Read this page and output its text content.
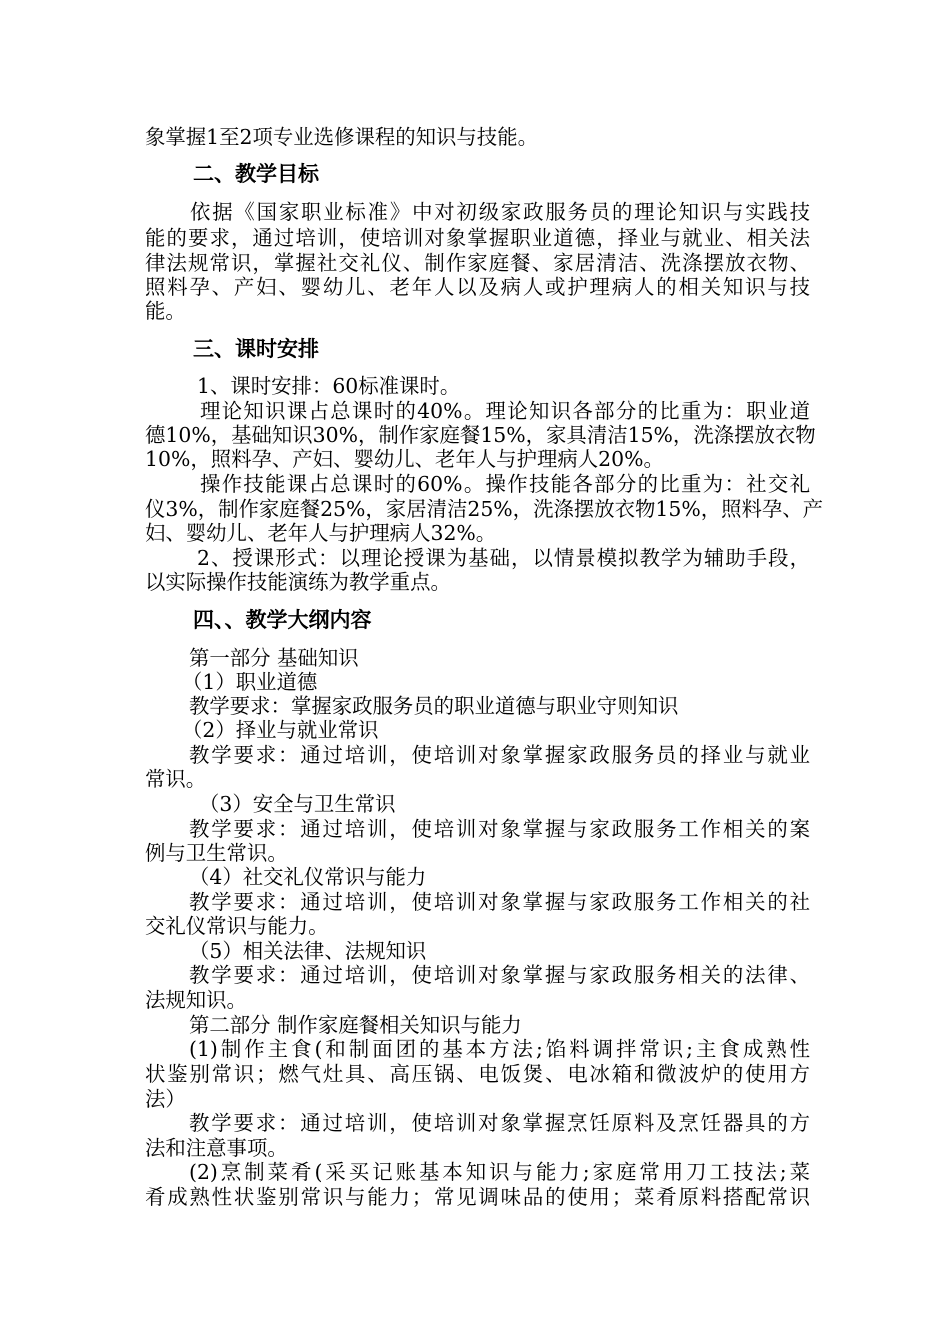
象掌握1至2项专业选修课程的知识与技能。
二、教学目标
依据《国家职业标准》中对初级家政服务员的理论知识与实践技
能的要求，通过培训，使培训对象掌握职业道德，择业与就业、相关法
律法规常识，掌握社交礼仪、制作家庭餐、家居清洁、洗涤摆放衣物、
照料孕、产妇、婴幼儿、老年人以及病人或护理病人的相关知识与技
能。
三、课时安排
1、课时安排：60标准课时。
理论知识课占总课时的40%。理论知识各部分的比重为：职业道
德10%，基础知识30%，制作家庭餐15%，家具清洁15%，洗涤摆放衣物
10%，照料孕、产妇、婴幼儿、老年人与护理病人20%。
操作技能课占总课时的60%。操作技能各部分的比重为：社交礼
仪3%，制作家庭餐25%，家居清洁25%，洗涤摆放衣物15%，照料孕、产
妇、婴幼儿、老年人与护理病人32%。
2、授课形式：以理论授课为基础，以情景模拟教学为辅助手段，
以实际操作技能演练为教学重点。
四、、教学大纲内容
第一部分 基础知识
（1）职业道德
教学要求：掌握家政服务员的职业道德与职业守则知识
（2）择业与就业常识
教学要求：通过培训，使培训对象掌握家政服务员的择业与就业
常识。
（3）安全与卫生常识
教学要求：通过培训，使培训对象掌握与家政服务工作相关的案
例与卫生常识。
（4）社交礼仪常识与能力
教学要求：通过培训，使培训对象掌握与家政服务工作相关的社
交礼仪常识与能力。
（5）相关法律、法规知识
教学要求：通过培训，使培训对象掌握与家政服务相关的法律、
法规知识。
第二部分 制作家庭餐相关知识与能力
(1)制作主食(和制面团的基本方法;馅料调拌常识;主食成熟性
状鉴别常识；燃气灶具、高压锅、电饭煲、电冰箱和微波炉的使用方
法）
教学要求：通过培训，使培训对象掌握烹饪原料及烹饪器具的方
法和注意事项。
(2)烹制菜肴(采买记账基本知识与能力;家庭常用刀工技法;菜
肴成熟性状鉴别常识与能力；常见调味品的使用；菜肴原料搭配常识
